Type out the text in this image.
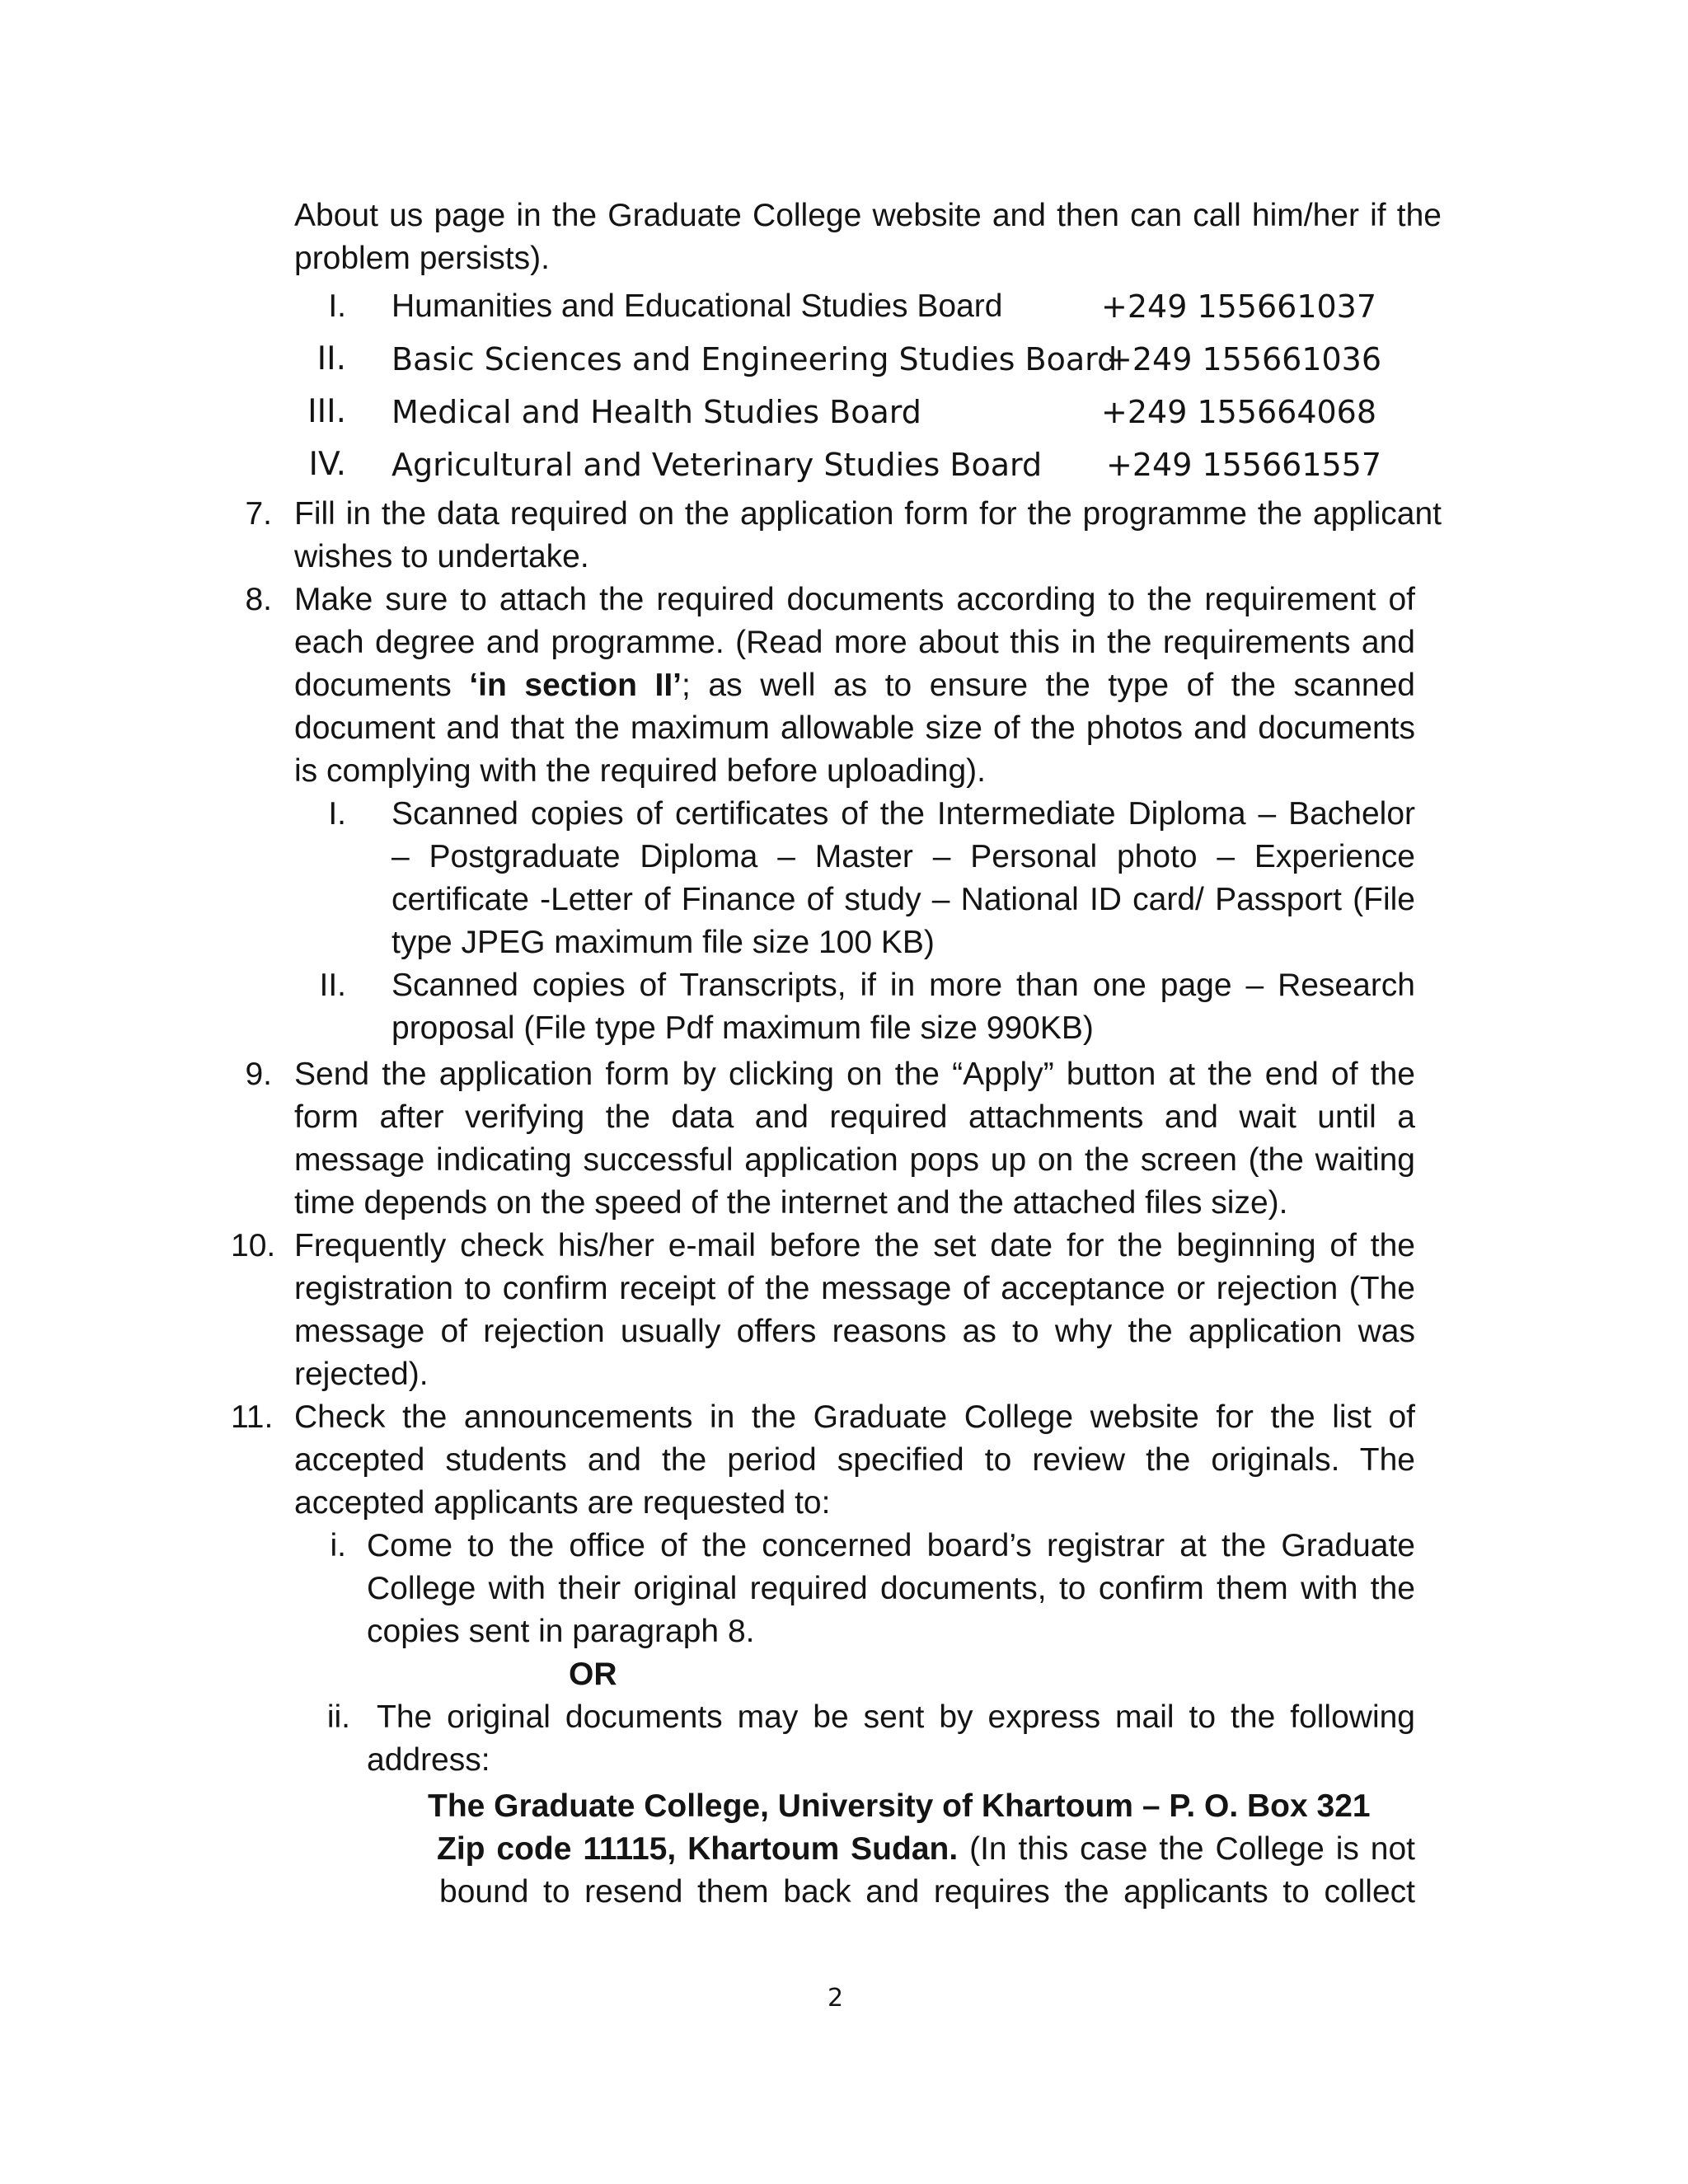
About us page in the Graduate College website and then can call him/her if the
problem persists).
I. Humanities and Educational Studies Board	+249 155661037
II. Basic Sciences and Engineering Studies Board
+249 155661036
III. Medical and Health Studies Board	+249 155664068
IV. Agricultural and Veterinary Studies Board +249 155661557
7. Fill in the data required on the application form for the programme the applicant
wishes to undertake.
8. Make sure to attach the required documents according to the requirement of
each degree and programme. (Read more about this in the requirements and
documents ‘in section II’; as well as to ensure the type of the scanned
document and that the maximum allowable size of the photos and documents
is complying with the required before uploading).
I. Scanned copies of certificates of the Intermediate Diploma – Bachelor
– Postgraduate Diploma – Master – Personal photo – Experience
certificate -Letter of Finance of study – National ID card/ Passport (File
type JPEG maximum file size 100 KB)
II. Scanned copies of Transcripts, if in more than one page – Research
proposal (File type Pdf maximum file size 990KB)
9. Send the application form by clicking on the “Apply” button at the end of the
form after verifying the data and required attachments and wait until a
message indicating successful application pops up on the screen (the waiting
time depends on the speed of the internet and the attached files size).
10. Frequently check his/her e-mail before the set date for the beginning of the
registration to confirm receipt of the message of acceptance or rejection (The
message of rejection usually offers reasons as to why the application was
rejected).
11. Check the announcements in the Graduate College website for the list of
accepted students and the period specified to review the originals. The
accepted applicants are requested to:
i. Come to the office of the concerned board’s registrar at the Graduate
College with their original required documents, to confirm them with the
copies sent in paragraph 8.
OR
ii. The original documents may be sent by express mail to the following
address:
The Graduate College, University of Khartoum – P. O. Box 321
Zip code 11115, Khartoum Sudan. (In this case the College is not
bound to resend them back and requires the applicants to collect
2
